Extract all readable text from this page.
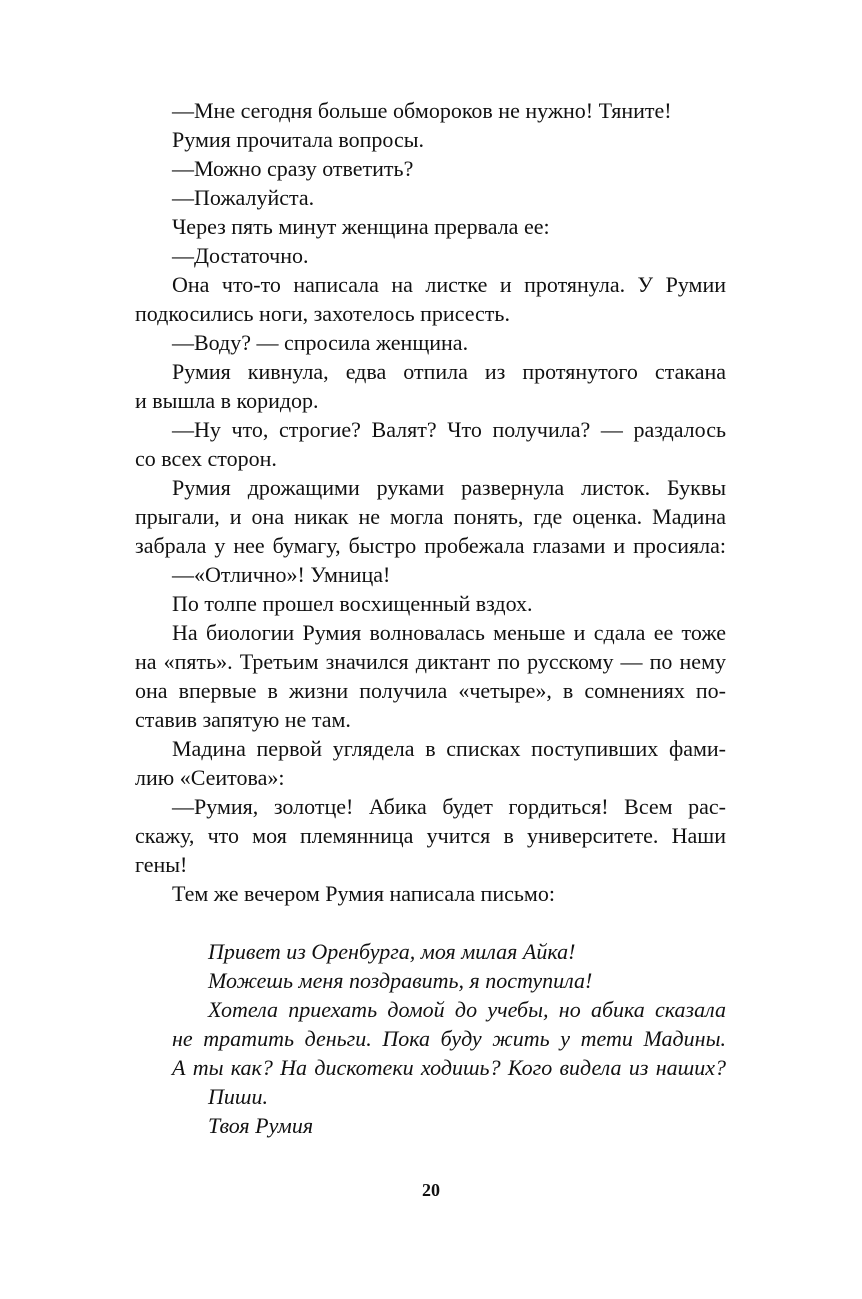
—Мне сегодня больше обмороков не нужно! Тяните!
Румия прочитала вопросы.
—Можно сразу ответить?
—Пожалуйста.
Через пять минут женщина прервала ее:
—Достаточно.
Она что-то написала на листке и протянула. У Румии
подкосились ноги, захотелось присесть.
—Воду? — спросила женщина.
Румия кивнула, едва отпила из протянутого стакана
и вышла в коридор.
—Ну что, строгие? Валят? Что получила? — раздалось
со всех сторон.
Румия дрожащими руками развернула листок. Буквы
прыгали, и она никак не могла понять, где оценка. Мадина
забрала у нее бумагу, быстро пробежала глазами и просияла:
—«Отлично»! Умница!
По толпе прошел восхищенный вздох.
На биологии Румия волновалась меньше и сдала ее тоже
на «пять». Третьим значился диктант по русскому — по нему
она впервые в жизни получила «четыре», в сомнениях по-
ставив запятую не там.
Мадина первой углядела в списках поступивших фами-
лию «Сеитова»:
—Румия, золотце! Абика будет гордиться! Всем рас-
скажу, что моя племянница учится в университете. Наши
гены!
Тем же вечером Румия написала письмо:
Привет из Оренбурга, моя милая Айка!
Можешь меня поздравить, я поступила!
Хотела приехать домой до учебы, но абика сказала
не тратить деньги. Пока буду жить у тети Мадины.
А ты как? На дискотеки ходишь? Кого видела из наших?
Пиши.
Твоя Румия
20
